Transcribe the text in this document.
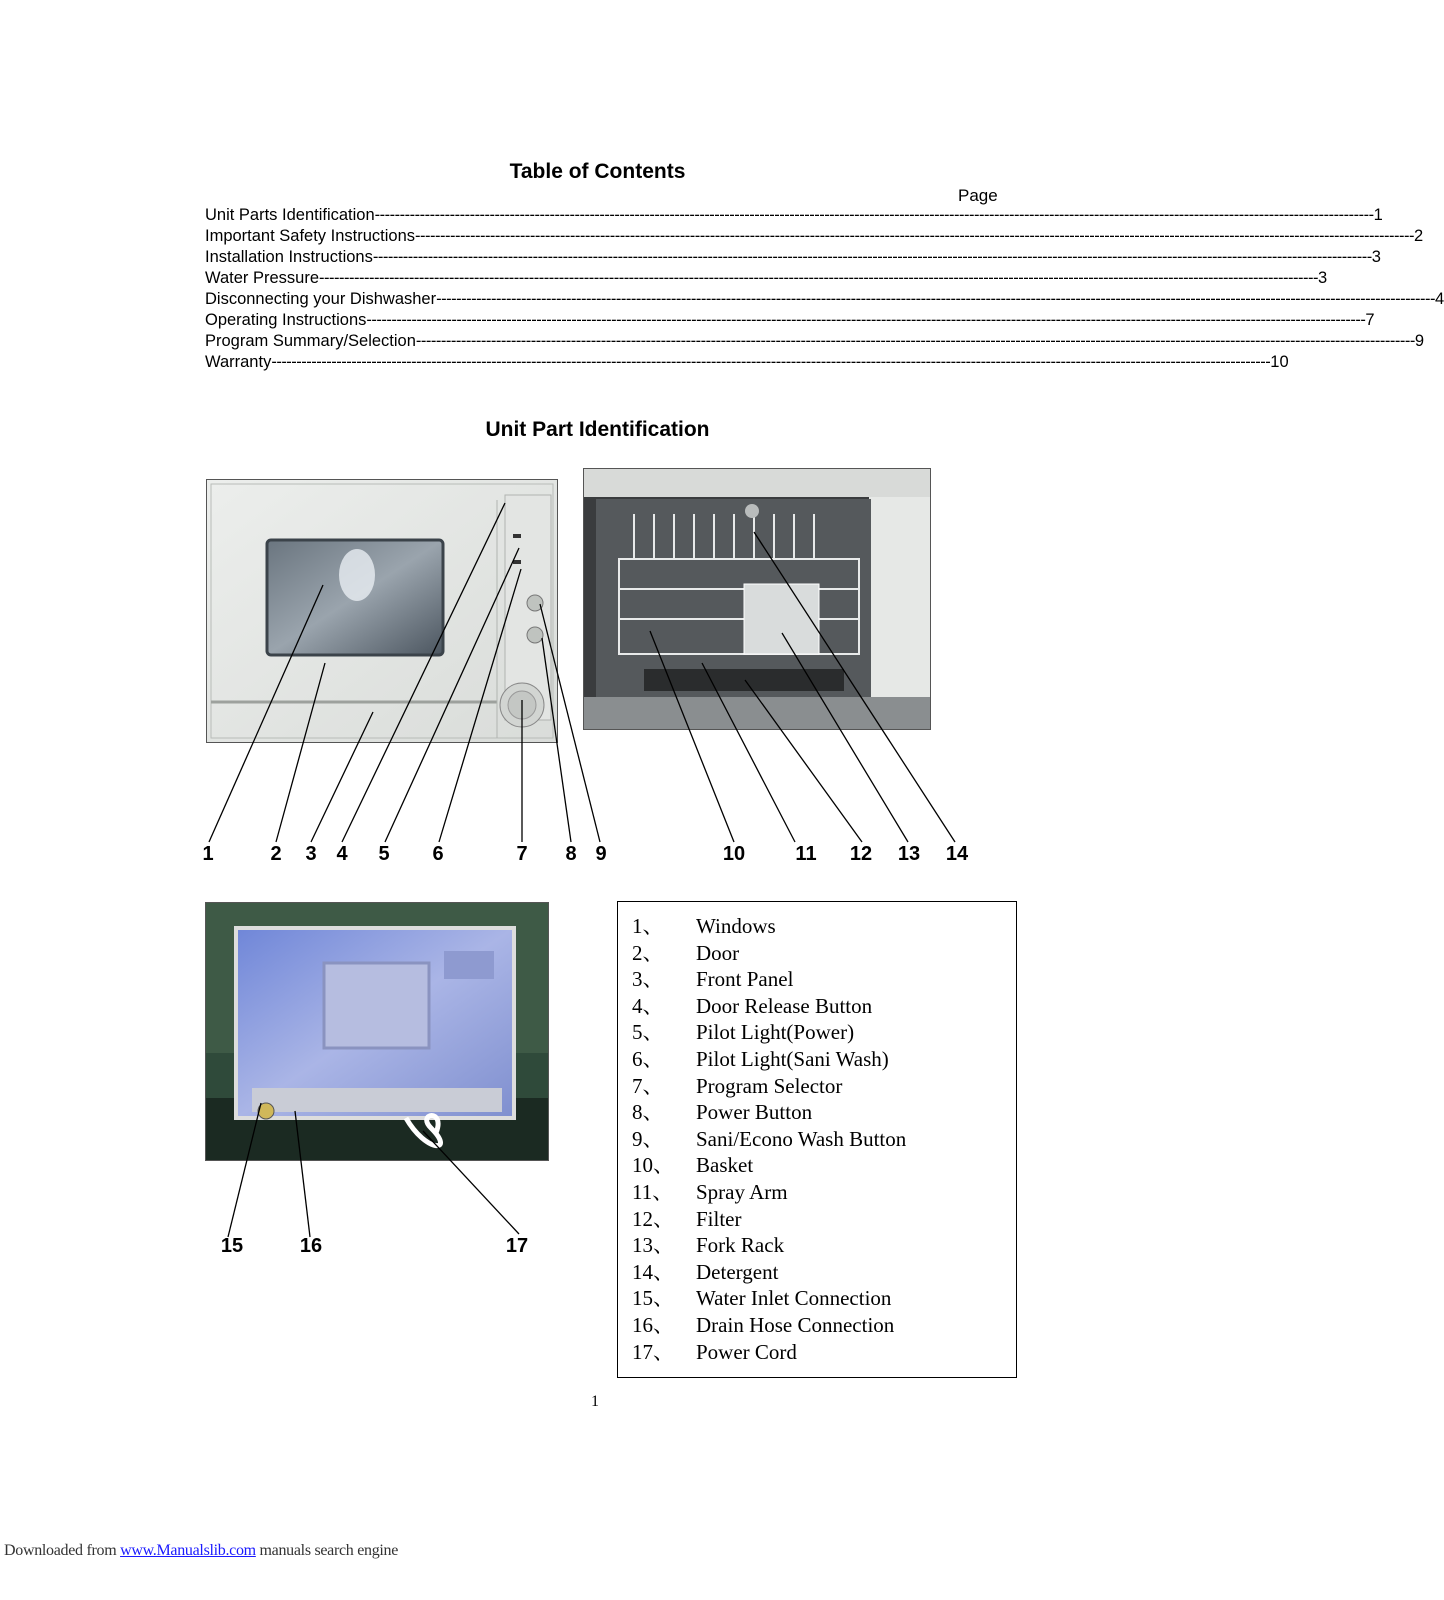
Table of Contents
Page
Unit Parts Identification -------------------------------------------------------------------------------------------------------------------------------------------------------------------------------------------------------- 1
Important Safety Instructions -------------------------------------------------------------------------------------------------------------------------------------------------------------------------------------------------------- 2
Installation Instructions -------------------------------------------------------------------------------------------------------------------------------------------------------------------------------------------------------- 3
Water Pressure -------------------------------------------------------------------------------------------------------------------------------------------------------------------------------------------------------- 3
Disconnecting your Dishwasher -------------------------------------------------------------------------------------------------------------------------------------------------------------------------------------------------------- 4
Operating Instructions -------------------------------------------------------------------------------------------------------------------------------------------------------------------------------------------------------- 7
Program Summary/Selection -------------------------------------------------------------------------------------------------------------------------------------------------------------------------------------------------------- 9
Warranty -------------------------------------------------------------------------------------------------------------------------------------------------------------------------------------------------------- 10
Unit Part Identification
1	2	3 4	5	6	7	8 9	10	11 12 13 14
15	16	17
1、 Windows
2、 Door
3、 Front Panel
4、 Door Release Button
5、 Pilot Light(Power)
6、 Pilot Light(Sani Wash)
7、 Program Selector
8、 Power Button
9、 Sani/Econo Wash Button
10、 Basket
11、 Spray Arm
12、 Filter
13、 Fork Rack
14、 Detergent
15、 Water Inlet Connection
16、 Drain Hose Connection
17、 Power Cord
1
Downloaded from www.Manualslib.com manuals search engine
